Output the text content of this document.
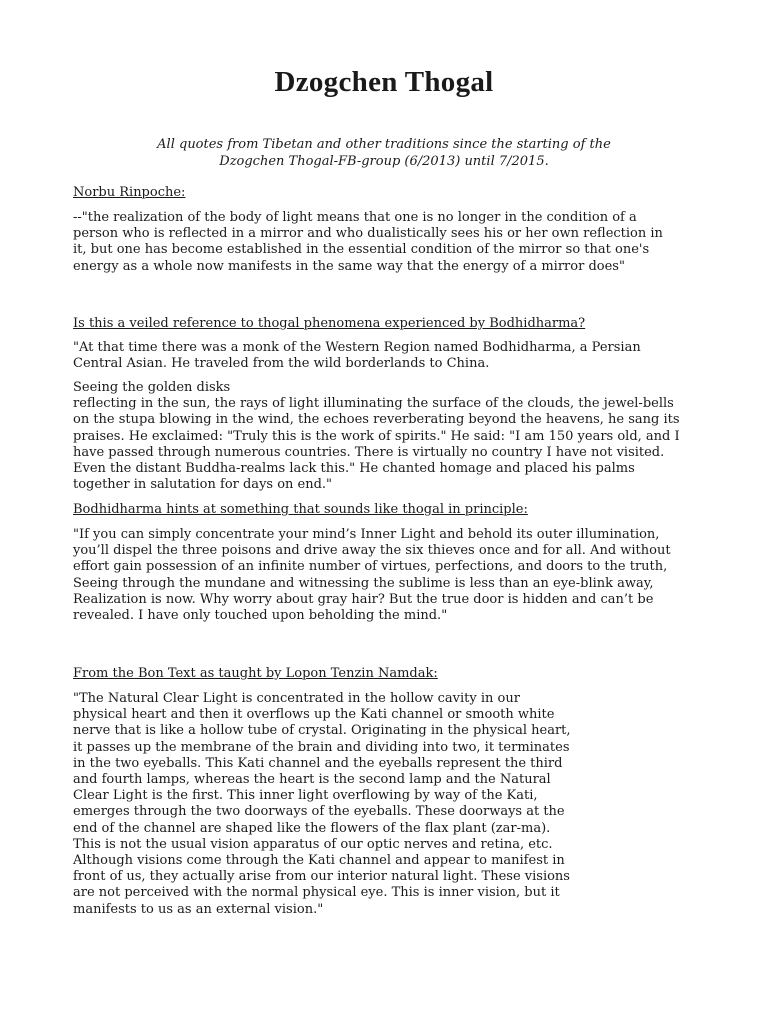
Dzogchen Thogal
All quotes from Tibetan and other traditions since the starting of the
Dzogchen Thogal-FB-group (6/2013) until 7/2015.
Norbu Rinpoche:
--"the realization of the body of light means that one is no longer in the condition of a
person who is reflected in a mirror and who dualistically sees his or her own reflection in
it, but one has become established in the essential condition of the mirror so that one's
energy as a whole now manifests in the same way that the energy of a mirror does"
Is this a veiled reference to thogal phenomena experienced by Bodhidharma?
"At that time there was a monk of the Western Region named Bodhidharma, a Persian
Central Asian. He traveled from the wild borderlands to China.
Seeing the golden disks
reflecting in the sun, the rays of light illuminating the surface of the clouds, the jewel-bells
on the stupa blowing in the wind, the echoes reverberating beyond the heavens, he sang its
praises. He exclaimed: "Truly this is the work of spirits." He said: "I am 150 years old, and I
have passed through numerous countries. There is virtually no country I have not visited.
Even the distant Buddha-realms lack this." He chanted homage and placed his palms
together in salutation for days on end."
Bodhidharma hints at something that sounds like thogal in principle:
"If you can simply concentrate your mind’s Inner Light and behold its outer illumination,
you’ll dispel the three poisons and drive away the six thieves once and for all. And without
effort gain possession of an infinite number of virtues, perfections, and doors to the truth,
Seeing through the mundane and witnessing the sublime is less than an eye-blink away,
Realization is now. Why worry about gray hair? But the true door is hidden and can’t be
revealed. I have only touched upon beholding the mind."
From the Bon Text as taught by Lopon Tenzin Namdak:
"The Natural Clear Light is concentrated in the hollow cavity in our
physical heart and then it overflows up the Kati channel or smooth white
nerve that is like a hollow tube of crystal. Originating in the physical heart,
it passes up the membrane of the brain and dividing into two, it terminates
in the two eyeballs. This Kati channel and the eyeballs represent the third
and fourth lamps, whereas the heart is the second lamp and the Natural
Clear Light is the first. This inner light overflowing by way of the Kati,
emerges through the two doorways of the eyeballs. These doorways at the
end of the channel are shaped like the flowers of the flax plant (zar-ma).
This is not the usual vision apparatus of our optic nerves and retina, etc.
Although visions come through the Kati channel and appear to manifest in
front of us, they actually arise from our interior natural light. These visions
are not perceived with the normal physical eye. This is inner vision, but it
manifests to us as an external vision."
